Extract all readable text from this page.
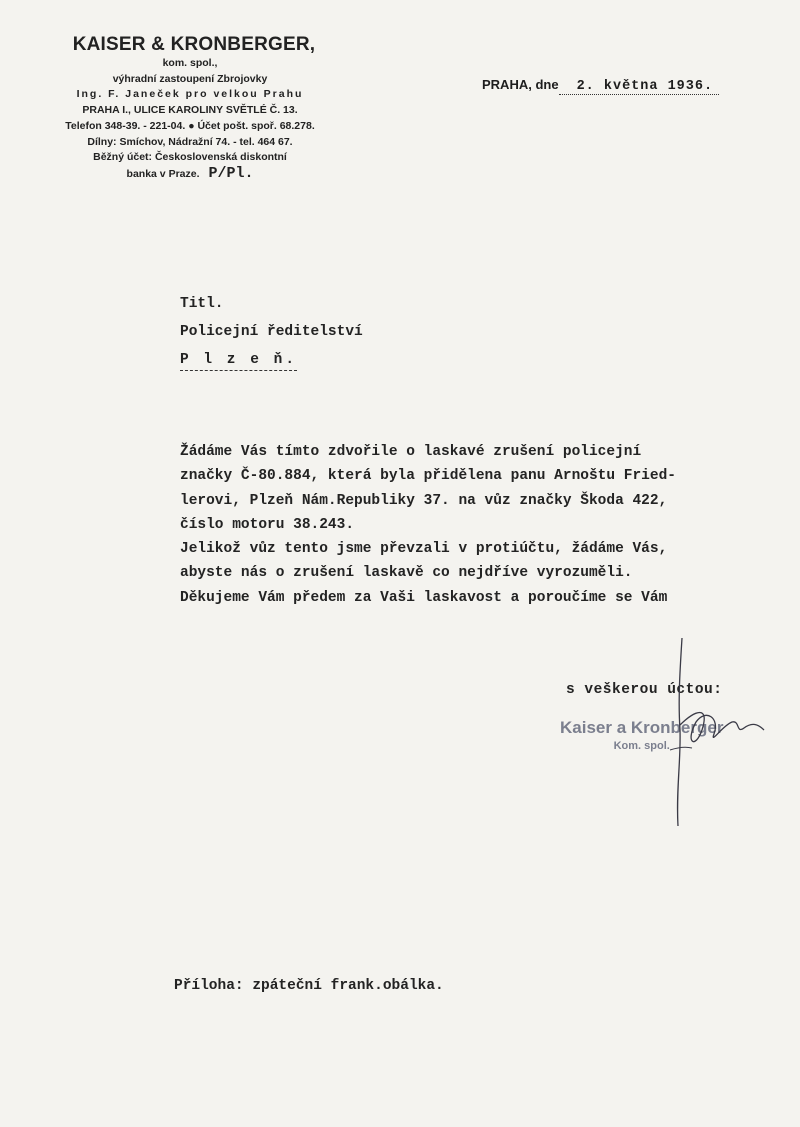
KAISER & KRONBERGER,
kom. spol.,
výhradní zastoupení Zbrojovky
Ing. F. Janeček pro velkou Prahu
PRAHA I., ULICE KAROLINY SVĚTLÉ Č. 13.
Telefon 348-39. - 221-04. ● Účet pošt. spoř. 68.278.
Dílny: Smíchov, Nádražní 74. - tel. 464 67.
Běžný účet: Československá diskontní
banka v Praze. P/Pl.
PRAHA, dne 2. května 1936.
Titl.
Policejní ředitelství
P l z e ň.
Žádáme Vás tímto zdvořile o laskavé zrušení policejní
značky Č-80.884, která byla přidělena panu Arnoštu Fried-
lerovi, Plzeň Nám.Republiky 37. na vůz značky Škoda 422,
číslo motoru 38.243.
Jelikož vůz tento jsme převzali v protiúčtu, žádáme Vás,
abyste nás o zrušení laskavě co nejdříve vyrozuměli.
Děkujeme Vám předem za Vaši laskavost a poroučíme se Vám
s veškerou úctou:
Kaiser a Kronberger
Kom. spol.
Příloha: zpáteční frank.obálka.
